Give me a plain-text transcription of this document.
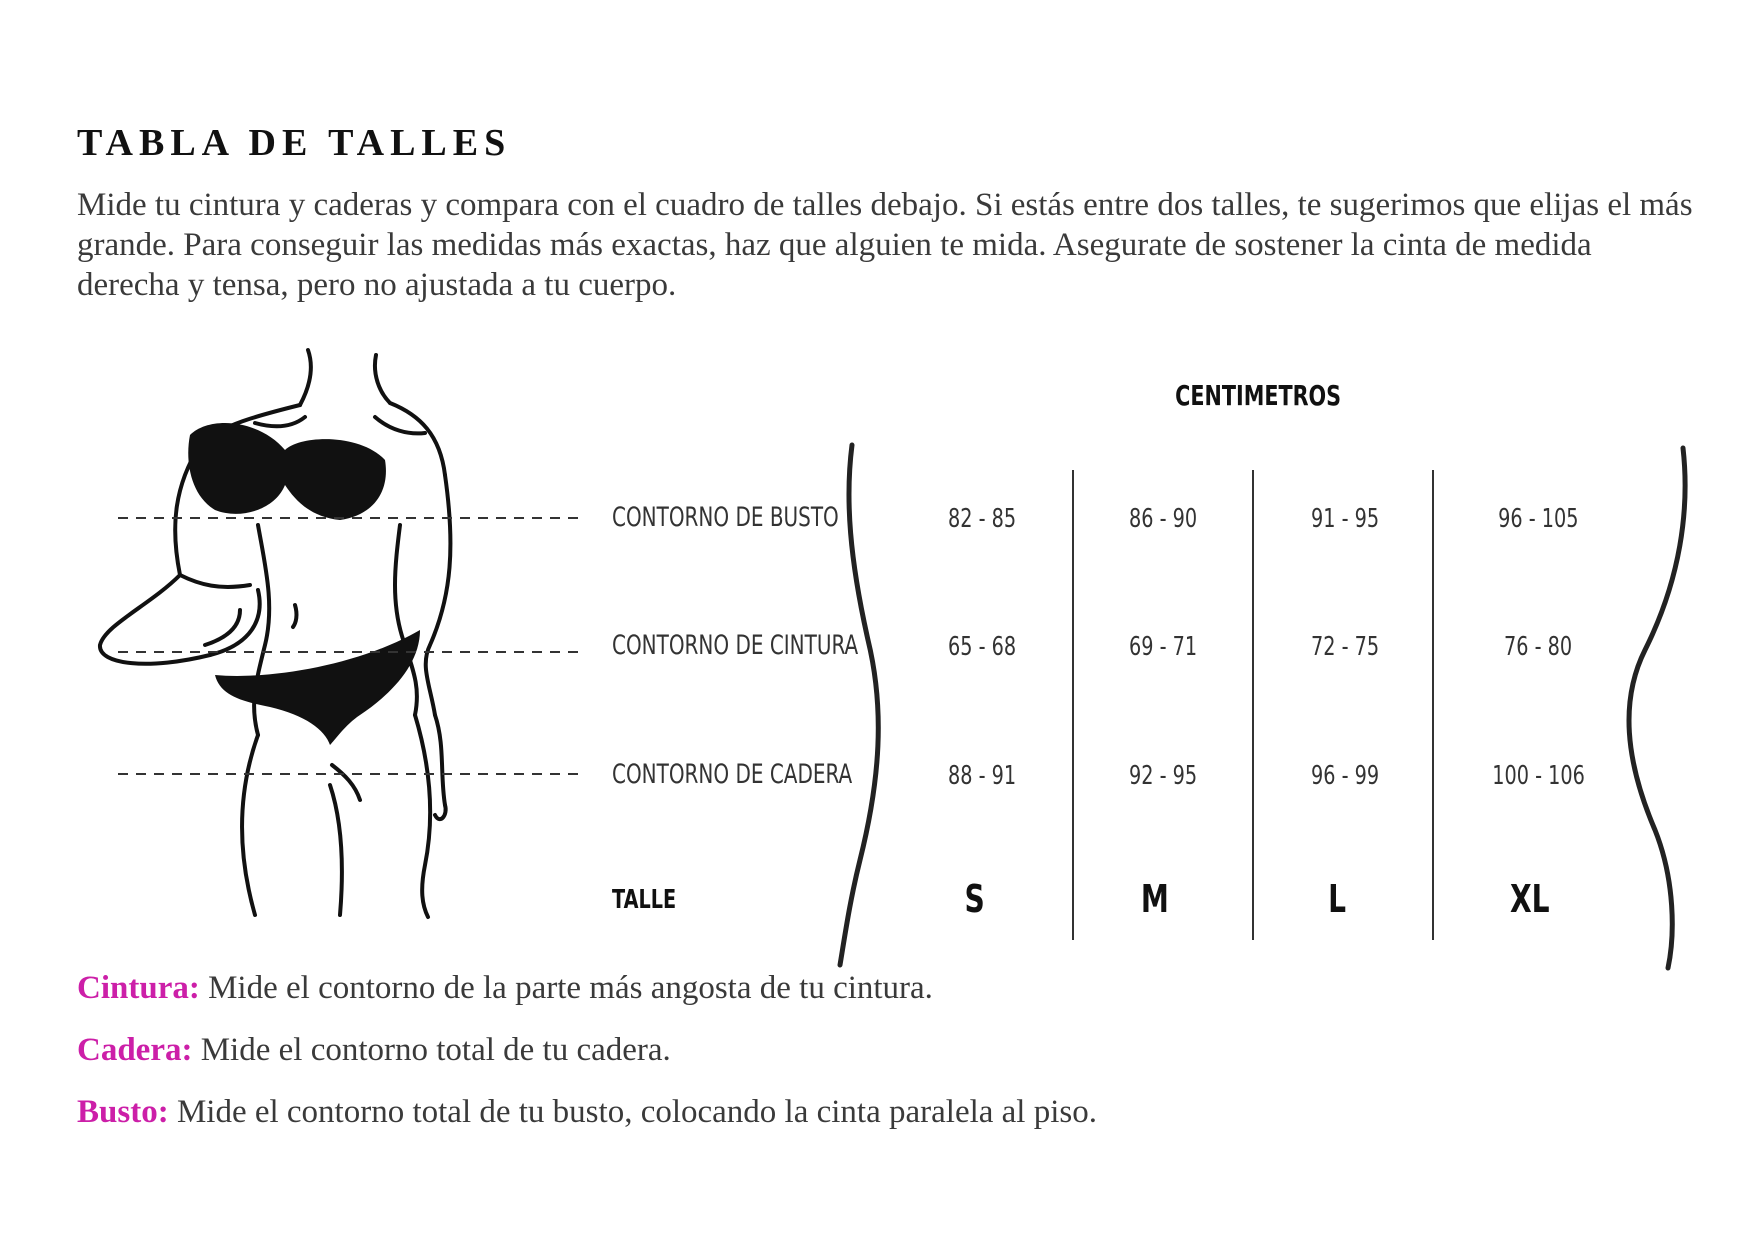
TABLA DE TALLES

Mide tu cintura y caderas y compara con el cuadro de talles debajo. Si estás entre dos talles, te sugerimos que elijas el más grande. Para conseguir las medidas más exactas, haz que alguien te mida. Asegurate de sostener la cinta de medida derecha y tensa, pero no ajustada a tu cuerpo.

CENTIMETROS
CONTORNO DE BUSTO	82 - 85	86 - 90	91 - 95	96 - 105
CONTORNO DE CINTURA	65 - 68	69 - 71	72 - 75	76 - 80
CONTORNO DE CADERA	88 - 91	92 - 95	96 - 99	100 - 106
TALLE	S	M	L	XL
Cintura: Mide el contorno de la parte más angosta de tu cintura.
Cadera: Mide el contorno total de tu cadera.
Busto: Mide el contorno total de tu busto, colocando la cinta paralela al piso.
